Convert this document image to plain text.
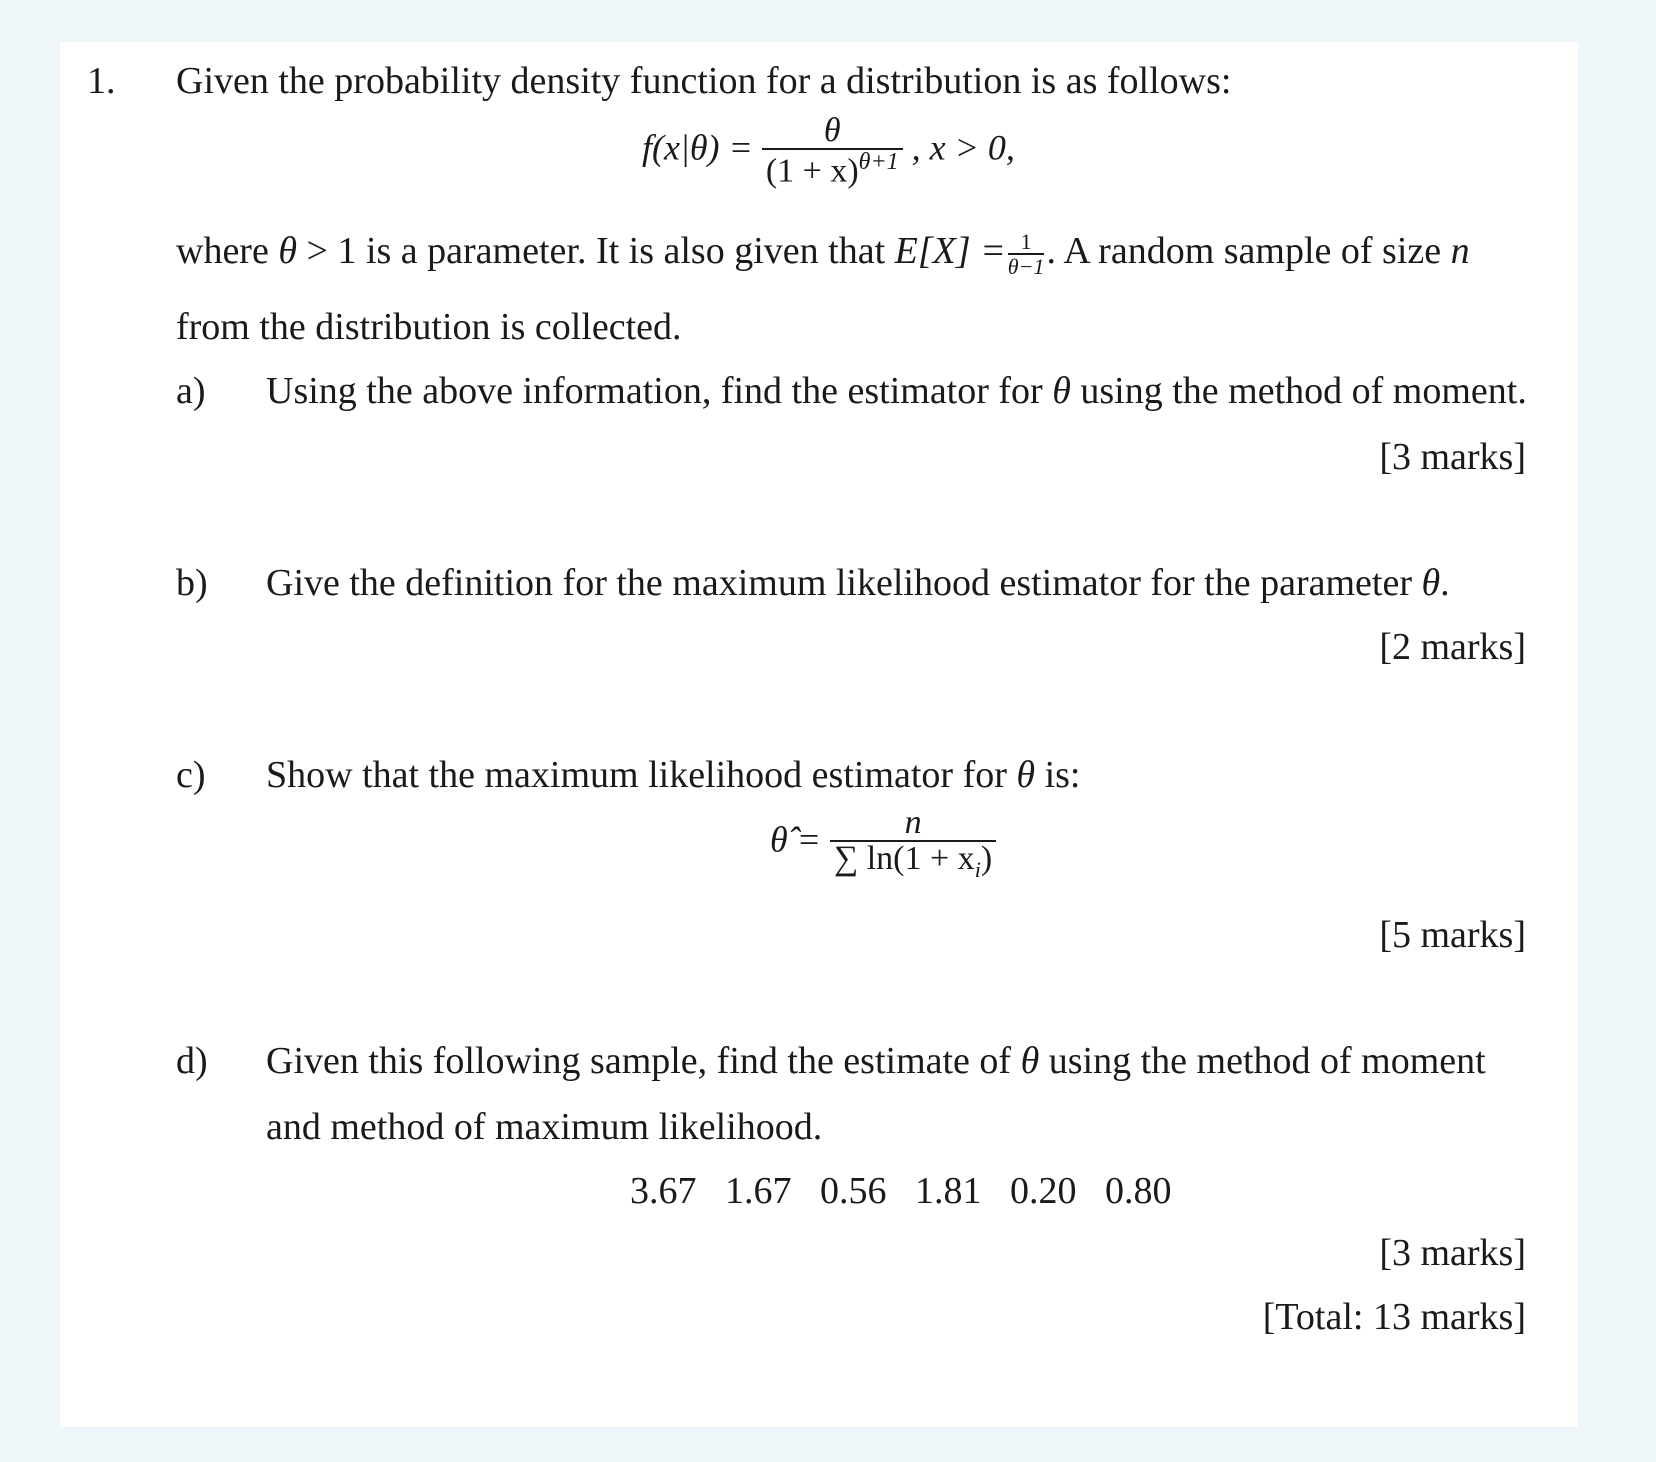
1. Given the probability density function for a distribution is as follows:
$f(x|\theta) = \frac{\theta}{(1 + x)^{\theta+1}}$ , x > 0,
where θ > 1 is a parameter. It is also given that $E[X] = \frac{1}{\theta-1}$ . A random sample of size n
from the distribution is collected.
a) Using the above information, find the estimator for θ using the method of moment.
[3 marks]
b) Give the definition for the maximum likelihood estimator for the parameter θ.
[2 marks]
c) Show that the maximum likelihood estimator for θ is:
θ̂ = $\frac{n}{\sum \ln(1 + x_i)}$
[5 marks]
d) Given this following sample, find the estimate of θ using the method of moment
and method of maximum likelihood.
3.67 1.67 0.56 1.81 0.20 0.80
[3 marks]
[Total: 13 marks]
